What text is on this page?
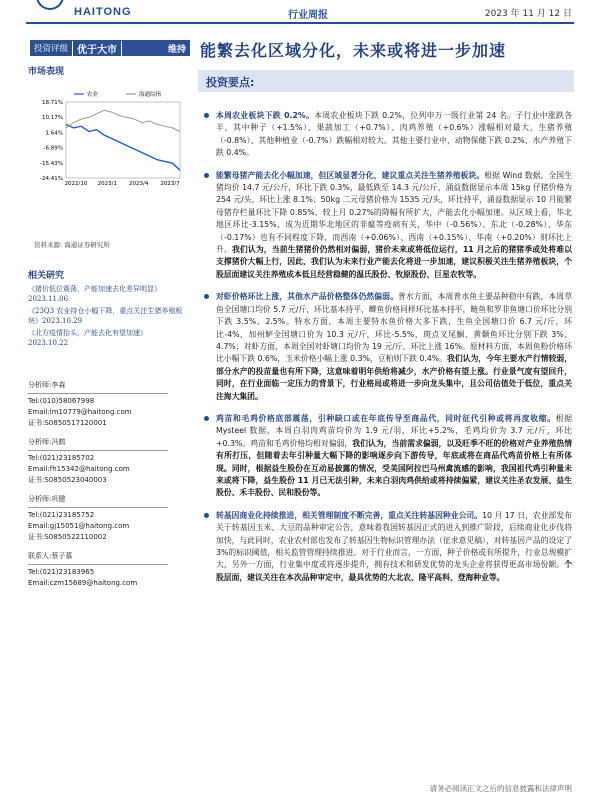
HAITONG	行业周报	2023 年 11 月 12 日
投资评级 优于大市	维持 能繁去化区域分化，未来或将进一步加速
投资要点:
市场表现
18.71%
10.17%
1.64%
-6.89%
-15.43%
-24.41%
2022/10 2023/1 2023/4 2023/7
农业	海通综指
资料来源: 海通证券研究所
相关研究
《猪价低位震荡，产能加速去化差异明显》2023.11.06
《23Q3 农业持仓小幅下降，重点关注生猪养殖板块》2023.10.29
《北方疫情抬头，产能去化有望加速》2023.10.22
分析师:李森
Tel:(010)58067998
Email:lm10779@haitong.com
证书:S0850517120001
分析师:冯鹤
Tel:(021)23185702
Email:fh15342@haitong.com
证书:S0850523040003
分析师:巩健
Tel:(021)23185752
Email:gj15051@haitong.com
证书:S0850522110002
联系人:蔡子慕
Tel:(021)23183965
Email:czm15689@haitong.com
本周农业板块下跌 0.2%。本周农业板块下跌 0.2%，位列申万一级行业第 24 名。子行业中涨跌各半，其中种子（+1.5%）、果蔬加工（+0.7%）、肉鸡养殖（+0.6%）涨幅相对最大，生猪养殖（-0.8%）、其他种植业（-0.7%）跌幅相对较大。其他主要行业中，动物保健下跌 0.2%、水产养殖下跌 0.4%。
能繁母猪产能去化小幅加速，但区域显著分化，建议重点关注生猪养殖板块。根据 Wind 数据，全国生猪均价 14.7 元/公斤，环比下跌 0.3%，最低跌至 14.3 元/公斤，涌益数据显示本周 15kg 仔猪价格为 254 元/头，环比上涨 8.1%；50kg 二元母猪价格为 1535 元/头，环比持平，涌益数据显示 10 月能繁母猪存栏量环比下降 0.85%，较上月 0.27%的降幅有所扩大，产能去化小幅加速。从区域上看，华北地区环比-3.15%，成为近期华北地区的非瘟等疫病有关，华中（-0.56%）、东北（-0.28%）、华东（-0.17%）也有不同程度下降，而西南（+0.06%）、西南（+0.15%）、华南（+0.20%）则环比上升。我们认为，当前生猪猪价仍然相对偏弱，猪价未来或将低位运行，11 月之后的猪猪季或处将难以支撑猪价大幅上行，因此，我们认为未来行业产能去化将进一步加速，建议积极关注生猪养殖板块，个股层面建议关注养殖成本低且经营稳健的温氏股份、牧原股份、巨星农牧等。
对虾价格环比上涨，其他水产品价格整体仍然偏弱。普水方面，本周普水鱼主要品种稳中有跌，本周草鱼全国塘口均价 5.7 元/斤，环比基本持平，鲫鱼价格同样环比基本持平，鲢鱼和罗非鱼塘口价环比分别下跌 3.5%、2.5%。特水方面，本周主要特水鱼价格大多下跌，生鱼全国塘口价 6.7 元/斤，环比-4%，加州鲈全国塘口价为 10.3 元/斤，环比-5.5%，斑点叉尾鮰、黄颡鱼环比分别下跌 3%、4.7%；对虾方面，本周全国对虾塘口均价为 19 元/斤，环比上涨 16%。原材料方面，本周鱼粉价格环比小幅下跌 0.6%，玉米价格小幅上涨 0.3%，豆粕则下跌 0.4%。我们认为，今年主要水产行情较弱，部分水产的投苗量也有所下降，这意味着明年供给将减少，水产价格有望上涨。行业景气度有望回升，同时，在行业面临一定压力的背景下，行业格局或将进一步向龙头集中，且公司估值处于低位，重点关注海大集团。
鸡苗和毛鸡价格底部震荡，引种缺口或在年底传导至商品代，同时征代引种或将再度收缩。根据 Mysteel 数据，本周白羽肉鸡苗均价为 1.9 元/羽，环比+5.2%，毛鸡均价为 3.7 元/斤，环比+0.3%。鸡苗和毛鸡价格均相对偏弱，我们认为，当前需求偏弱，以及旺季不旺的价格对产业养殖热情有所打压，但随着去年引种量大幅下降的影响逐步向下游传导，年底或将在商品代鸡苗价格上有所体现。同时，根据益生股份在互动易披露的情况，受美国阿拉巴马州禽流感的影响，我国祖代鸡引种量未来或将下降，益生股份 11 月已无法引种，未来白羽肉鸡供给或将持续偏紧，建议关注圣农发展、益生股份、禾丰股份、民和股份等。
转基因商业化持续推进，相关管理制度不断完善，重点关注转基因种业公司。10 月 17 日，农业部发布关于转基因玉米、大豆的品种审定公告，意味着我国转基因正式的进入到推广阶段，后续商业化步伐将加快，与此同时，农业农村部也发布了转基因生物标识管理办法（征求意见稿），对转基因产品的设定了 3%的标识阈值，相关监管管理持续推进。对于行业而言，一方面，种子价格或有所提升，行业总规模扩大，另外一方面，行业集中度或将逐步提升，拥有技术和研发优势的龙头企业将获得更高市场份额。个股层面，建议关注在本次品种审定中，最具优势的大北农、隆平高科、登海种业等。
请务必阅读正文之后的信息披露和法律声明
